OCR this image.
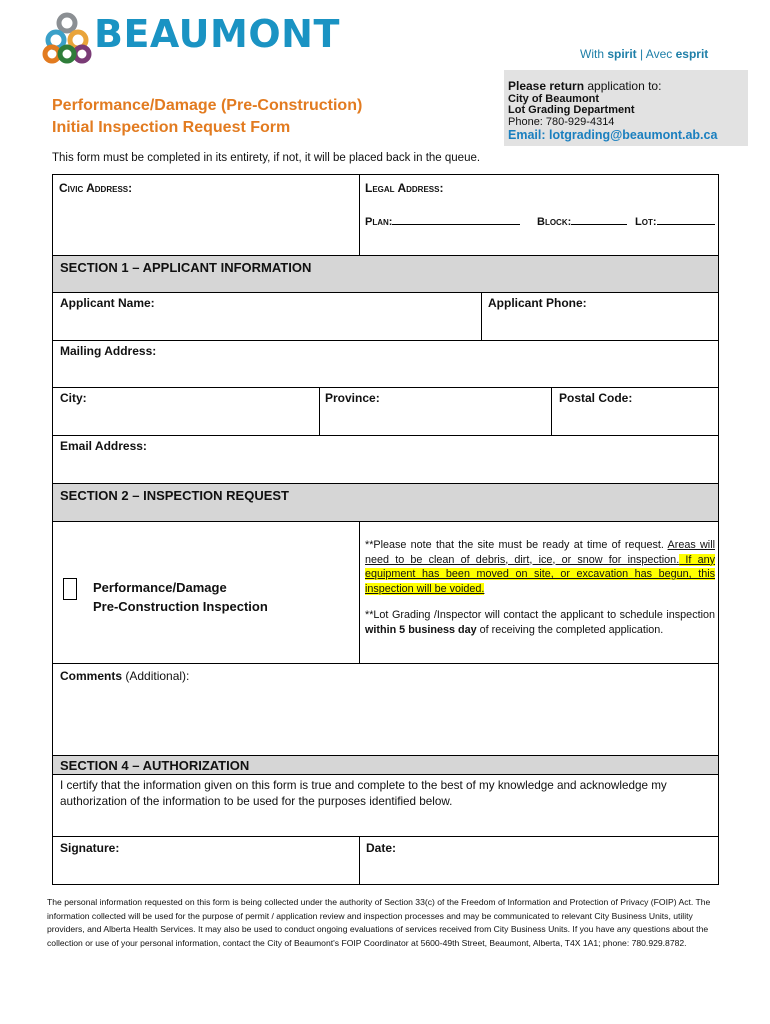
BEAUMONT	With spirit | Avec esprit
Please return application to:
City of Beaumont
Lot Grading Department
Phone: 780-929-4314
Email: lotgrading@beaumont.ab.ca
Performance/Damage (Pre-Construction)
Initial Inspection Request Form
This form must be completed in its entirety, if not, it will be placed back in the queue.
Civic Address:	Legal Address:
Plan:	Block:	Lot:
SECTION 1 – APPLICANT INFORMATION
Applicant Name:	Applicant Phone:
Mailing Address:
City:	Province:	Postal Code:
Email Address:
SECTION 2 – INSPECTION REQUEST
Performance/Damage
Pre-Construction Inspection
**Please note that the site must be ready at time of request. Areas will need to be clean of debris, dirt, ice, or snow for inspection. If any equipment has been moved on site, or excavation has begun, this inspection will be voided.
**Lot Grading /Inspector will contact the applicant to schedule inspection within 5 business day of receiving the completed application.
Comments (Additional):
SECTION 4 – AUTHORIZATION
I certify that the information given on this form is true and complete to the best of my knowledge and acknowledge my authorization of the information to be used for the purposes identified below.
Signature:	Date:
The personal information requested on this form is being collected under the authority of Section 33(c) of the Freedom of Information and Protection of Privacy (FOIP) Act. The information collected will be used for the purpose of permit / application review and inspection processes and may be communicated to relevant City Business Units, utility providers, and Alberta Health Services. It may also be used to conduct ongoing evaluations of services received from City Business Units. If you have any questions about the collection or use of your personal information, contact the City of Beaumont's FOIP Coordinator at 5600-49th Street, Beaumont, Alberta, T4X 1A1; phone: 780.929.8782.
